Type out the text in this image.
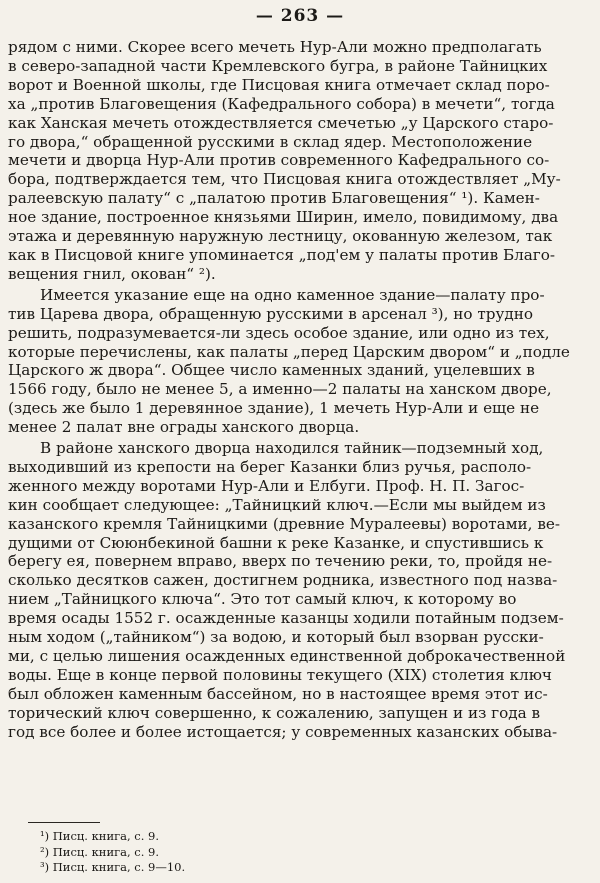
— 263 —
рядом с ними. Скорее всего мечеть Нур-Али можно предполагать
в северо-западной части Кремлевского бугра, в районе Тайницких
ворот и Военной школы, где Писцовая книга отмечает склад поро-
ха „против Благовещения (Кафедрального собора) в мечети“, тогда
как Ханская мечеть отождествляется смечетью „у Царского старо-
го двора,“ обращенной русскими в склад ядер. Местоположение
мечети и дворца Нур-Али против современного Кафедрального со-
бора, подтверждается тем, что Писцовая книга отождествляет „Му-
ралеевскую палату“ с „палатою против Благовещения“ ¹). Камен-
ное здание, построенное князьями Ширин, имело, повидимому, два
этажа и деревянную наружную лестницу, окованную железом, так
как в Писцовой книге упоминается „под'ем у палаты против Благо-
вещения гнил, окован“ ²).
Имеется указание еще на одно каменное здание—палату про-
тив Царева двора, обращенную русскими в арсенал ³), но трудно
решить, подразумевается-ли здесь особое здание, или одно из тех,
которые перечислены, как палаты „перед Царским двором“ и „подле
Царского ж двора“. Общее число каменных зданий, уцелевших в
1566 году, было не менее 5, а именно—2 палаты на ханском дворе,
(здесь же было 1 деревянное здание), 1 мечеть Нур-Али и еще не
менее 2 палат вне ограды ханского дворца.
В районе ханского дворца находился тайник—подземный ход,
выходивший из крепости на берег Казанки близ ручья, располо-
женного между воротами Нур-Али и Елбуги. Проф. Н. П. Загос-
кин сообщает следующее: „Тайницкий ключ.—Если мы выйдем из
казанского кремля Тайницкими (древние Муралеевы) воротами, ве-
дущими от Сююнбекиной башни к реке Казанке, и спустившись к
берегу ея, повернем вправо, вверх по течению реки, то, пройдя не-
сколько десятков сажен, достигнем родника, известного под назва-
нием „Тайницкого ключа“. Это тот самый ключ, к которому во
время осады 1552 г. осажденные казанцы ходили потайным подзем-
ным ходом („тайником“) за водою, и который был взорван русски-
ми, с целью лишения осажденных единственной доброкачественной
воды. Еще в конце первой половины текущего (XIX) столетия ключ
был обложен каменным бассейном, но в настоящее время этот ис-
торический ключ совершенно, к сожалению, запущен и из года в
год все более и более истощается; у современных казанских обыва-
¹) Писц. книга, с. 9.
²) Писц. книга, с. 9.
³) Писц. книга, с. 9—10.
